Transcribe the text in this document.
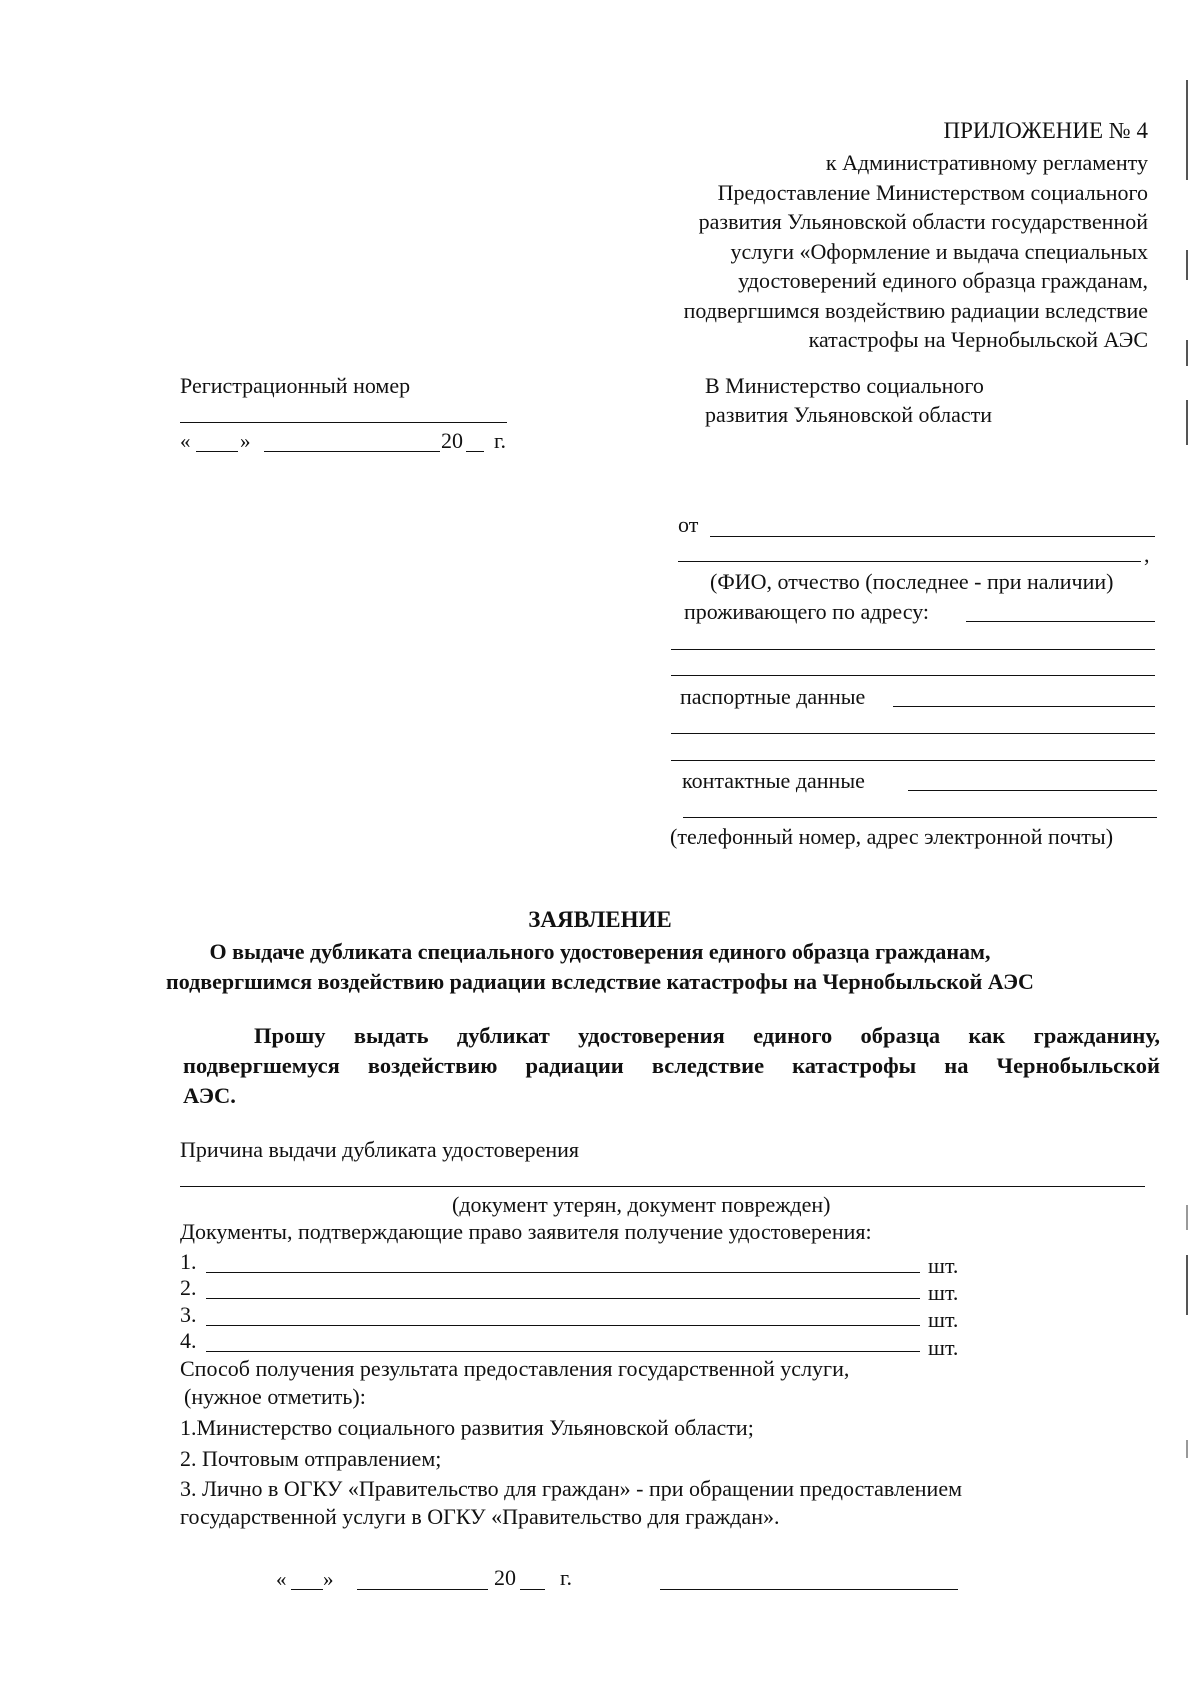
ПРИЛОЖЕНИЕ № 4
к Административному регламенту
Предоставление Министерством социального
развития Ульяновской области государственной
услуги «Оформление и выдача специальных
удостоверений единого образца гражданам,
подвергшимся воздействию радиации вследствие
катастрофы на Чернобыльской АЭС
Регистрационный номер
« »	20 г.
В Министерство социального
развития Ульяновской области
от
,
(ФИО, отчество (последнее - при наличии)
проживающего по адресу:
паспортные данные
контактные данные
(телефонный номер, адрес электронной почты)
ЗАЯВЛЕНИЕ
О выдаче дубликата специального удостоверения единого образца гражданам,
подвергшимся воздействию радиации вследствие катастрофы на Чернобыльской АЭС
Прошу выдать дубликат удостоверения единого образца как гражданину,
подвергшемуся воздействию радиации вследствие катастрофы на Чернобыльской
АЭС.
Причина выдачи дубликата удостоверения
(документ утерян, документ поврежден)
Документы, подтверждающие право заявителя получение удостоверения:
1.	шт.
2.	шт.
3.	шт.
4.	шт.
Способ получения результата предоставления государственной услуги,
(нужное отметить):
1.Министерство социального развития Ульяновской области;
2. Почтовым отправлением;
3. Лично в ОГКУ «Правительство для граждан» - при обращении предоставлением
государственной услуги в ОГКУ «Правительство для граждан».
« »	20 г.
